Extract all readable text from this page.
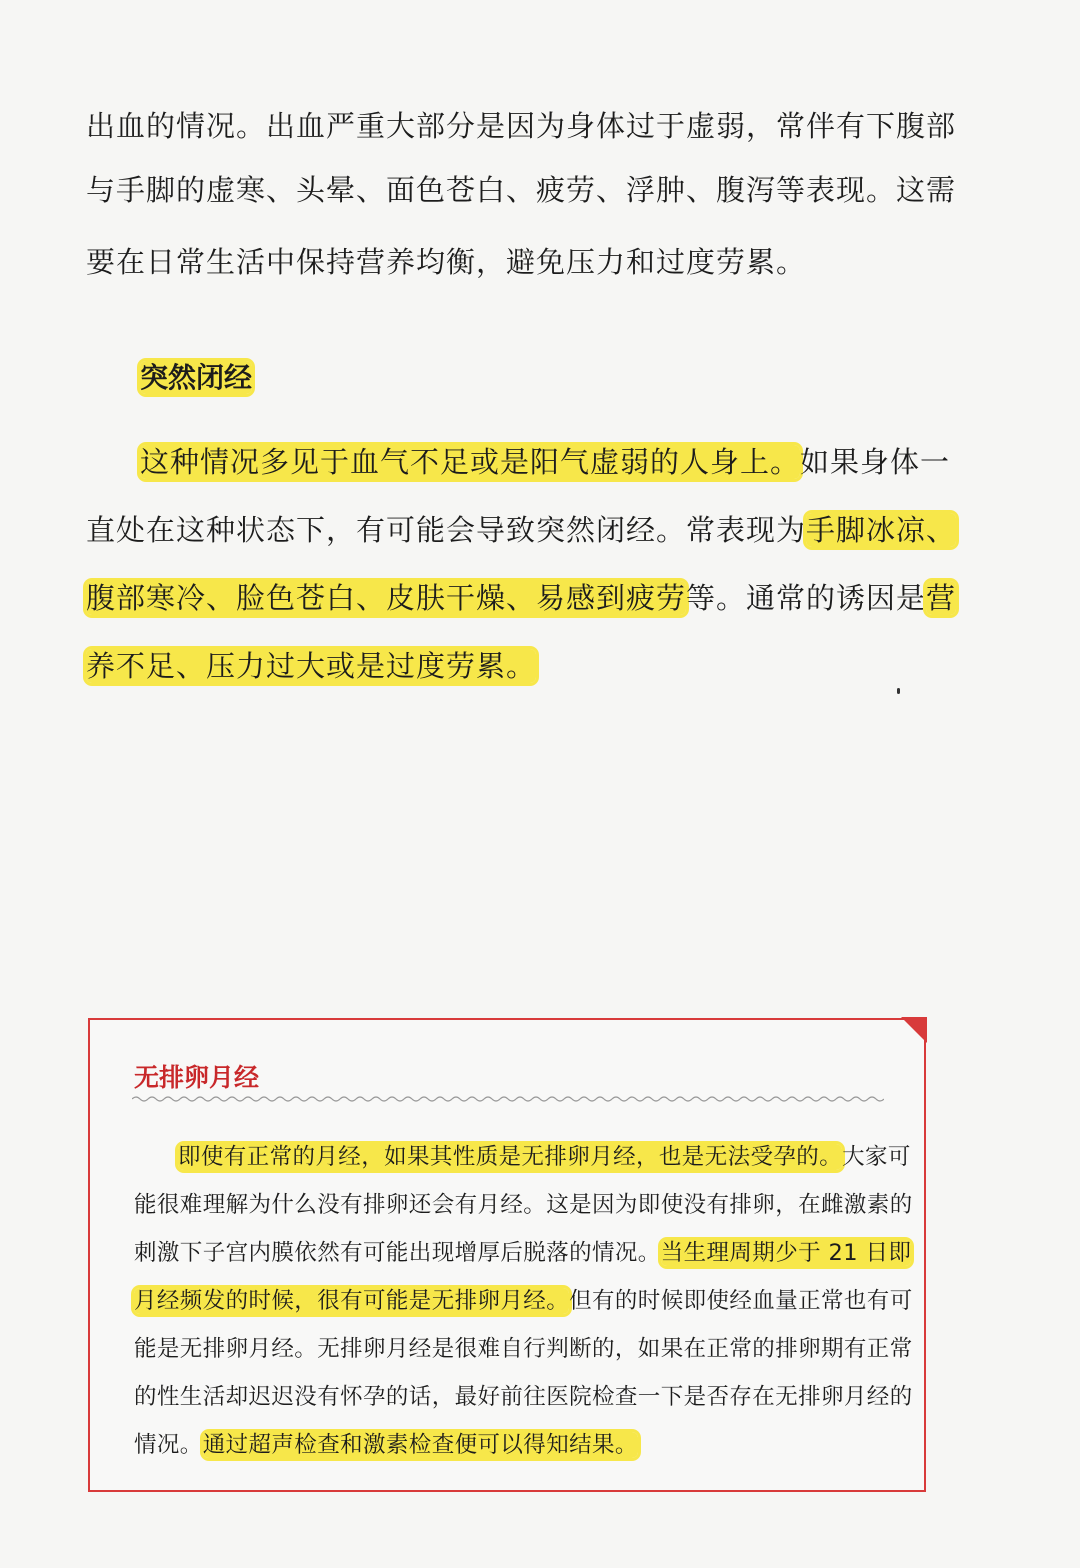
出血的情况。出血严重大部分是因为身体过于虚弱，常伴有下腹部
与手脚的虚寒、头晕、面色苍白、疲劳、浮肿、腹泻等表现。这需
要在日常生活中保持营养均衡，避免压力和过度劳累。
突然闭经
这种情况多见于血气不足或是阳气虚弱的人身上。如果身体一
直处在这种状态下，有可能会导致突然闭经。常表现为手脚冰凉、
腹部寒冷、脸色苍白、皮肤干燥、易感到疲劳等。通常的诱因是营
养不足、压力过大或是过度劳累。
无排卵月经
即使有正常的月经，如果其性质是无排卵月经，也是无法受孕的。大家可
能很难理解为什么没有排卵还会有月经。这是因为即使没有排卵，在雌激素的
刺激下子宫内膜依然有可能出现增厚后脱落的情况。当生理周期少于 21 日即
月经频发的时候，很有可能是无排卵月经。但有的时候即使经血量正常也有可
能是无排卵月经。无排卵月经是很难自行判断的，如果在正常的排卵期有正常
的性生活却迟迟没有怀孕的话，最好前往医院检查一下是否存在无排卵月经的
情况。通过超声检查和激素检查便可以得知结果。
